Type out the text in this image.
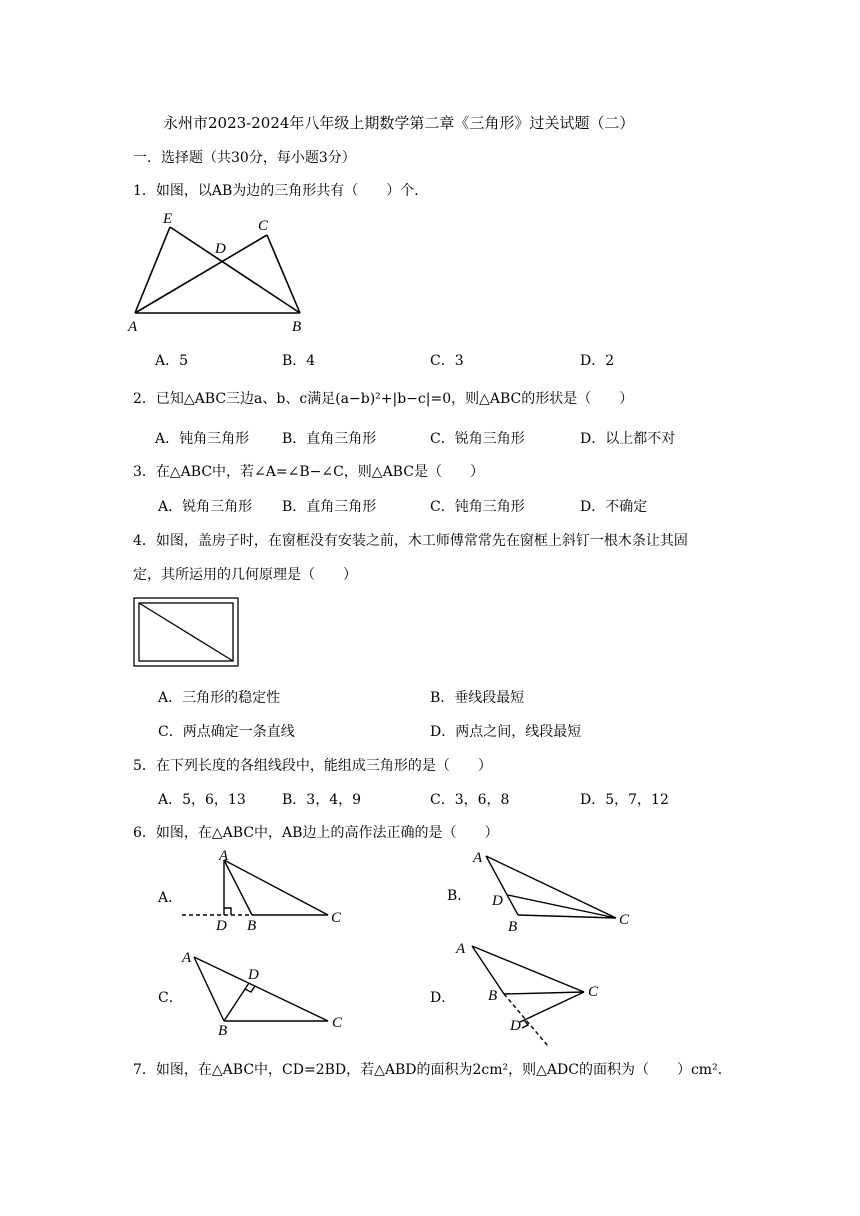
永州市2023-2024年八年级上期数学第二章《三角形》过关试题（二）
一．选择题（共30分，每小题3分）
1．如图，以AB为边的三角形共有（　　）个．
E	C
D
A	B
A．5	B．4	C．3	D．2
2．已知△ABC三边a、b、c满足(a−b)²+|b−c|=0，则△ABC的形状是（　　）
A．钝角三角形 B．直角三角形	C．锐角三角形	D．以上都不对
3．在△ABC中，若∠A=∠B−∠C，则△ABC是（　　）
A．锐角三角形 B．直角三角形	C．钝角三角形	D．不确定
4．如图，盖房子时，在窗框没有安装之前，木工师傅常常先在窗框上斜钉一根木条让其固
定，其所运用的几何原理是（　　）
A．三角形的稳定性	B．垂线段最短
C．两点确定一条直线	D．两点之间，线段最短
5．在下列长度的各组线段中，能组成三角形的是（　　）
A．5，6，13	B．3，4，9	C．3，6，8	D．5，7，12
6．如图，在△ABC中，AB边上的高作法正确的是（　　）
A．
A
D B	C
B．
A
D
B	C
C．
A
D
B	C
D．
A
B	C
D
7．如图，在△ABC中，CD=2BD，若△ABD的面积为2cm²，则△ADC的面积为（　　）cm²．
